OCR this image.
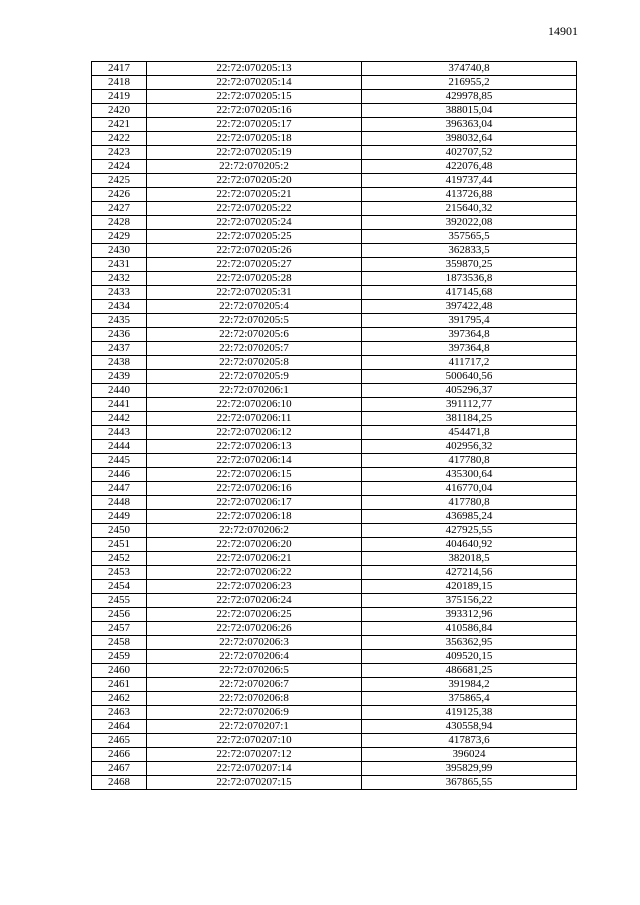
14901
2417	22:72:070205:13	374740,8
2418	22:72:070205:14	216955,2
2419	22:72:070205:15	429978,85
2420	22:72:070205:16	388015,04
2421	22:72:070205:17	396363,04
2422	22:72:070205:18	398032,64
2423	22:72:070205:19	402707,52
2424	22:72:070205:2	422076,48
2425	22:72:070205:20	419737,44
2426	22:72:070205:21	413726,88
2427	22:72:070205:22	215640,32
2428	22:72:070205:24	392022,08
2429	22:72:070205:25	357565,5
2430	22:72:070205:26	362833,5
2431	22:72:070205:27	359870,25
2432	22:72:070205:28	1873536,8
2433	22:72:070205:31	417145,68
2434	22:72:070205:4	397422,48
2435	22:72:070205:5	391795,4
2436	22:72:070205:6	397364,8
2437	22:72:070205:7	397364,8
2438	22:72:070205:8	411717,2
2439	22:72:070205:9	500640,56
2440	22:72:070206:1	405296,37
2441	22:72:070206:10	391112,77
2442	22:72:070206:11	381184,25
2443	22:72:070206:12	454471,8
2444	22:72:070206:13	402956,32
2445	22:72:070206:14	417780,8
2446	22:72:070206:15	435300,64
2447	22:72:070206:16	416770,04
2448	22:72:070206:17	417780,8
2449	22:72:070206:18	436985,24
2450	22:72:070206:2	427925,55
2451	22:72:070206:20	404640,92
2452	22:72:070206:21	382018,5
2453	22:72:070206:22	427214,56
2454	22:72:070206:23	420189,15
2455	22:72:070206:24	375156,22
2456	22:72:070206:25	393312,96
2457	22:72:070206:26	410586,84
2458	22:72:070206:3	356362,95
2459	22:72:070206:4	409520,15
2460	22:72:070206:5	486681,25
2461	22:72:070206:7	391984,2
2462	22:72:070206:8	375865,4
2463	22:72:070206:9	419125,38
2464	22:72:070207:1	430558,94
2465	22:72:070207:10	417873,6
2466	22:72:070207:12	396024
2467	22:72:070207:14	395829,99
2468	22:72:070207:15	367865,55
